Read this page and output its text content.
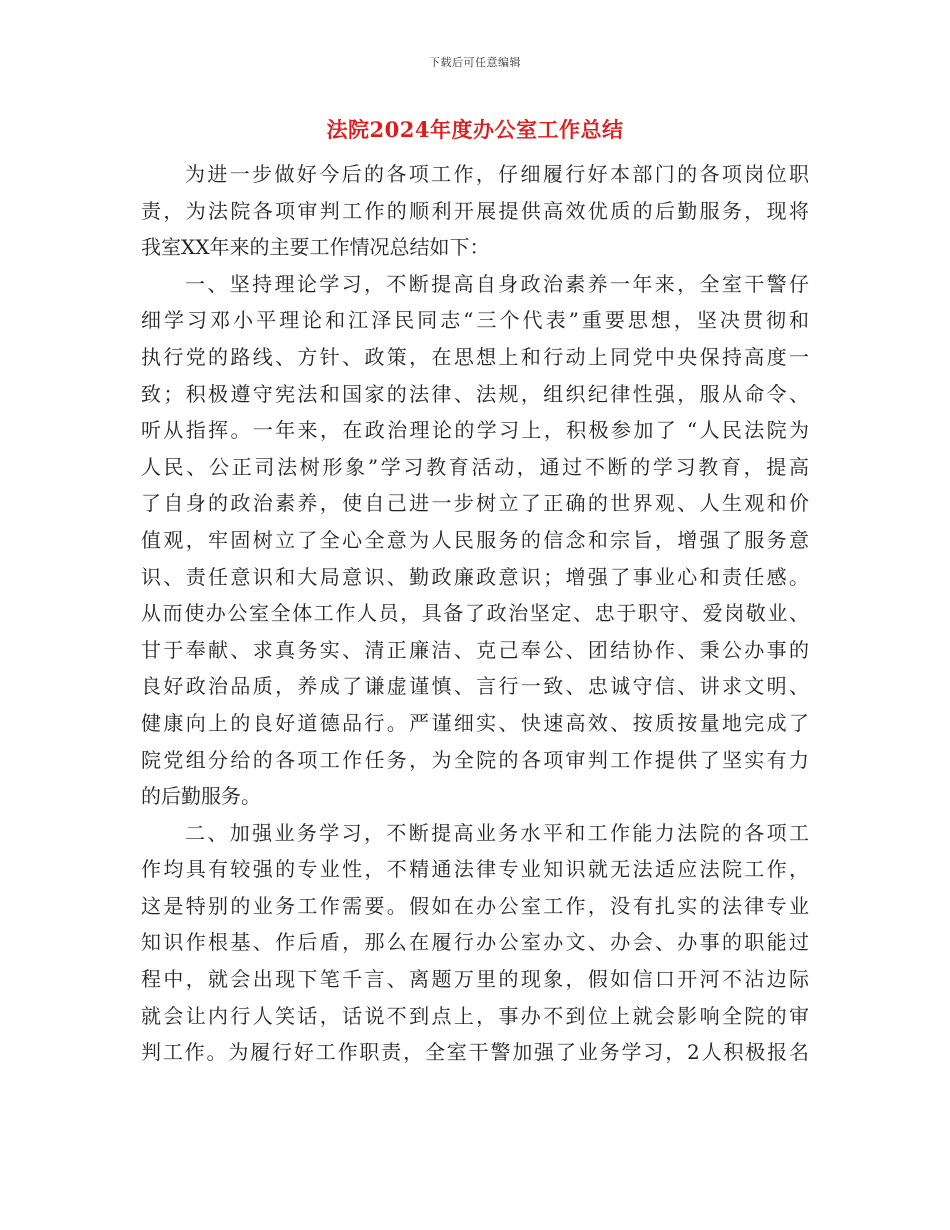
下载后可任意编辑
法院2024年度办公室工作总结
为进一步做好今后的各项工作，仔细履行好本部门的各项岗位职
责，为法院各项审判工作的顺利开展提供高效优质的后勤服务，现将
我室XX年来的主要工作情况总结如下：
一、坚持理论学习，不断提高自身政治素养一年来，全室干警仔
细学习邓小平理论和江泽民同志“三个代表”重要思想，坚决贯彻和
执行党的路线、方针、政策，在思想上和行动上同党中央保持高度一
致；积极遵守宪法和国家的法律、法规，组织纪律性强，服从命令、
听从指挥。一年来，在政治理论的学习上，积极参加了 “人民法院为
人民、公正司法树形象”学习教育活动，通过不断的学习教育，提高
了自身的政治素养，使自己进一步树立了正确的世界观、人生观和价
值观，牢固树立了全心全意为人民服务的信念和宗旨，增强了服务意
识、责任意识和大局意识、勤政廉政意识；增强了事业心和责任感。
从而使办公室全体工作人员，具备了政治坚定、忠于职守、爱岗敬业、
甘于奉献、求真务实、清正廉洁、克己奉公、团结协作、秉公办事的
良好政治品质，养成了谦虚谨慎、言行一致、忠诚守信、讲求文明、
健康向上的良好道德品行。严谨细实、快速高效、按质按量地完成了
院党组分给的各项工作任务，为全院的各项审判工作提供了坚实有力
的后勤服务。
二、加强业务学习，不断提高业务水平和工作能力法院的各项工
作均具有较强的专业性，不精通法律专业知识就无法适应法院工作，
这是特别的业务工作需要。假如在办公室工作，没有扎实的法律专业
知识作根基、作后盾，那么在履行办公室办文、办会、办事的职能过
程中，就会出现下笔千言、离题万里的现象，假如信口开河不沾边际
就会让内行人笑话，话说不到点上，事办不到位上就会影响全院的审
判工作。为履行好工作职责，全室干警加强了业务学习，2人积极报名
